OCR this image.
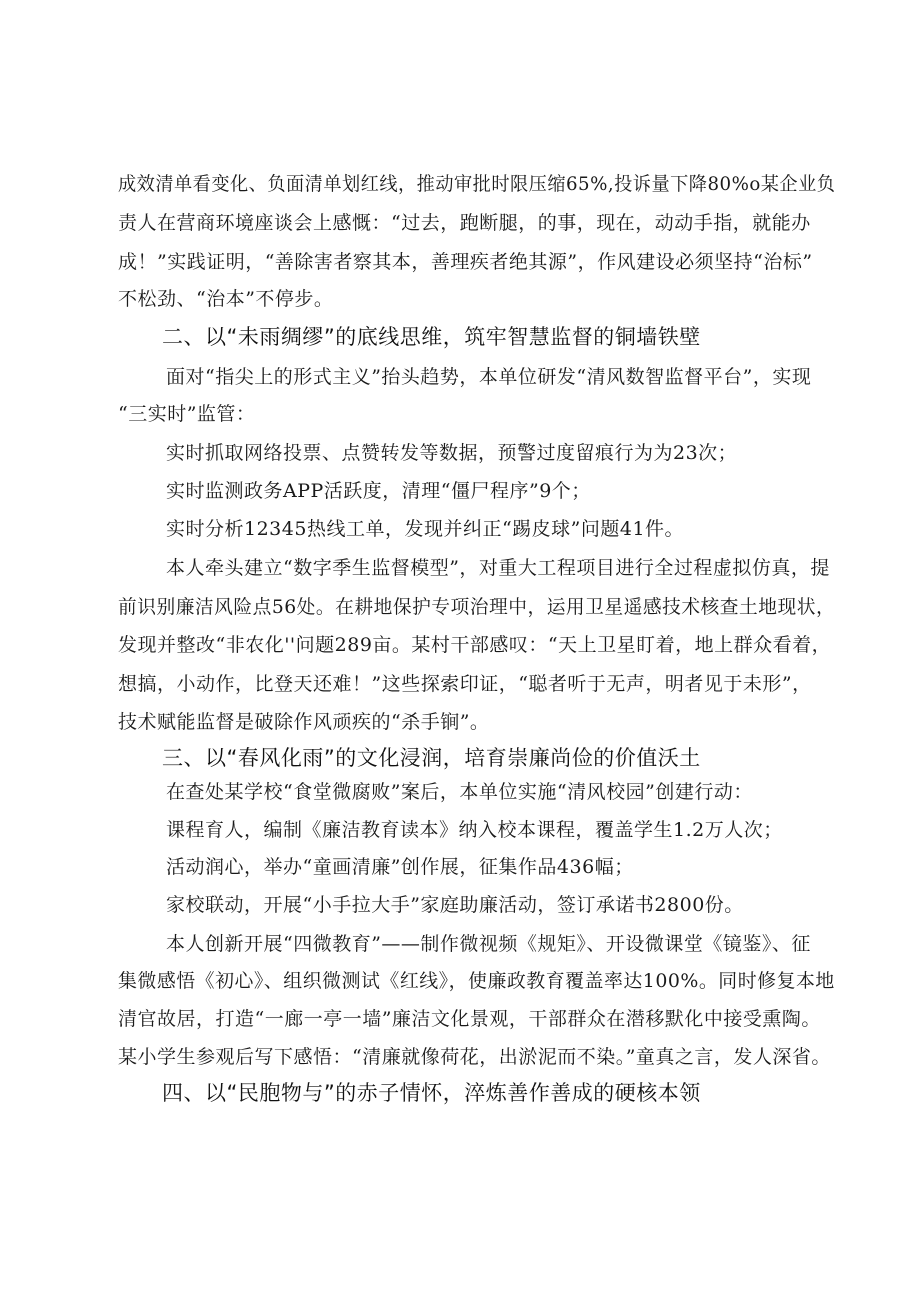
成效清单看变化、负面清单划红线，推动审批时限压缩65%,投诉量下降80%o某企业负

责人在营商环境座谈会上感慨：“过去，跑断腿，的事，现在，动动手指，就能办

成！”实践证明，“善除害者察其本，善理疾者绝其源”，作风建设必须坚持“治标”

不松劲、“治本”不停步。

二、以“未雨绸缪”的底线思维，筑牢智慧监督的铜墙铁壁

面对“指尖上的形式主义”抬头趋势，本单位研发“清风数智监督平台”，实现

“三实时”监管：

实时抓取网络投票、点赞转发等数据，预警过度留痕行为为23次；

实时监测政务APP活跃度，清理“僵尸程序”9个；

实时分析12345热线工单，发现并纠正“踢皮球”问题41件。

本人牵头建立“数字季生监督模型”，对重大工程项目进行全过程虚拟仿真，提

前识别廉洁风险点56处。在耕地保护专项治理中，运用卫星遥感技术核查土地现状，

发现并整改“非农化''问题289亩。某村干部感叹：“天上卫星盯着，地上群众看着，

想搞，小动作，比登天还难！”这些探索印证，“聪者听于无声，明者见于未形”，

技术赋能监督是破除作风顽疾的“杀手锏”。

三、以“春风化雨”的文化浸润，培育崇廉尚俭的价值沃土

在查处某学校“食堂微腐败”案后，本单位实施“清风校园”创建行动：

课程育人，编制《廉洁教育读本》纳入校本课程，覆盖学生1.2万人次；

活动润心，举办“童画清廉”创作展，征集作品436幅；

家校联动，开展“小手拉大手”家庭助廉活动，签订承诺书2800份。

本人创新开展“四微教育”——制作微视频《规矩》、开设微课堂《镜鉴》、征

集微感悟《初心》、组织微测试《红线》，使廉政教育覆盖率达100%。同时修复本地

清官故居，打造“一廊一亭一墙”廉洁文化景观，干部群众在潜移默化中接受熏陶。

某小学生参观后写下感悟：“清廉就像荷花，出淤泥而不染。”童真之言，发人深省。

四、以“民胞物与”的赤子情怀，淬炼善作善成的硬核本领
